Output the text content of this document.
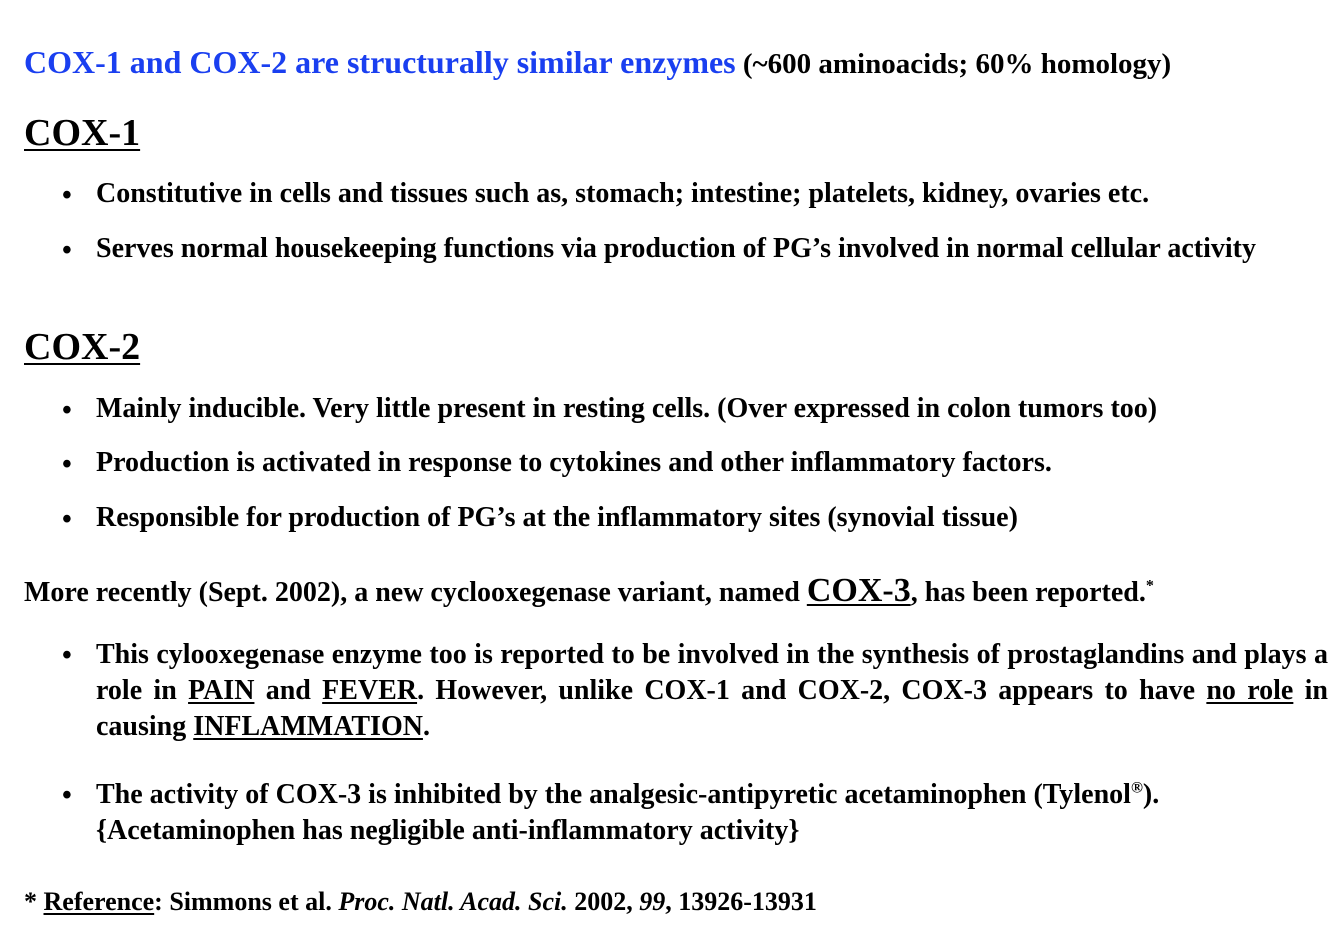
COX-1 and COX-2 are structurally similar enzymes (~600 aminoacids; 60% homology)
COX-1
• Constitutive in cells and tissues such as, stomach; intestine; platelets, kidney, ovaries etc.
• Serves normal housekeeping functions via production of PG’s involved in normal cellular activity
COX-2
• Mainly inducible. Very little present in resting cells. (Over expressed in colon tumors too)
• Production is activated in response to cytokines and other inflammatory factors.
• Responsible for production of PG’s at the inflammatory sites (synovial tissue)
More recently (Sept. 2002), a new cyclooxegenase variant, named COX-3, has been reported.*
• This cylooxegenase enzyme too is reported to be involved in the synthesis of prostaglandins and plays a role in PAIN and FEVER. However, unlike COX-1 and COX-2, COX-3 appears to have no role in causing INFLAMMATION.
• The activity of COX-3 is inhibited by the analgesic-antipyretic acetaminophen (Tylenol®).
{Acetaminophen has negligible anti-inflammatory activity}
* Reference: Simmons et al. Proc. Natl. Acad. Sci. 2002, 99, 13926-13931
